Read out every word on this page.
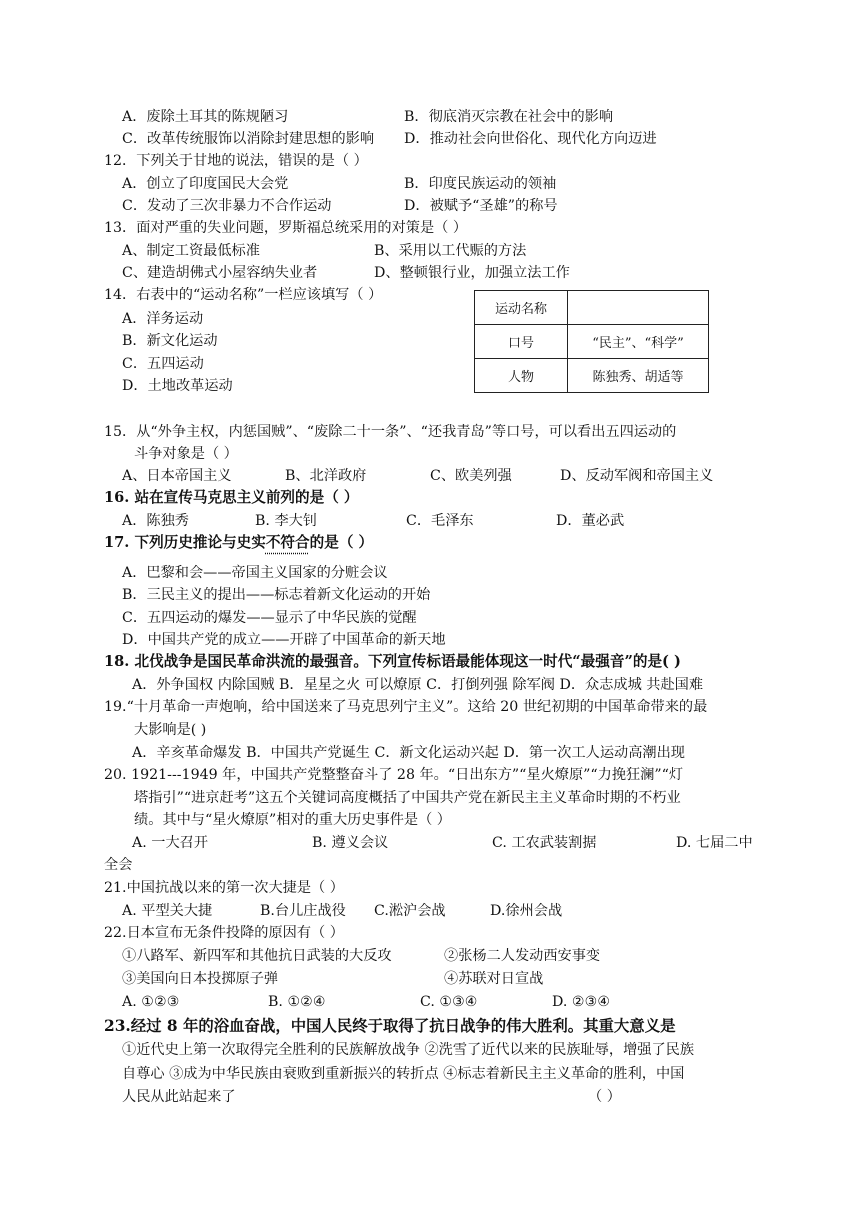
A．废除土耳其的陈规陋习	B．彻底消灭宗教在社会中的影响
C．改革传统服饰以消除封建思想的影响 D．推动社会向世俗化、现代化方向迈进
12．下列关于甘地的说法，错误的是（ ）
A．创立了印度国民大会党	B．印度民族运动的领袖
C．发动了三次非暴力不合作运动	D．被赋予“圣雄”的称号
13．面对严重的失业问题，罗斯福总统采用的对策是（ ）
A、制定工资最低标准	B、采用以工代赈的方法
C、建造胡佛式小屋容纳失业者	D、整顿银行业，加强立法工作
14．右表中的“运动名称”一栏应该填写（ ）
A．洋务运动
B．新文化运动
C．五四运动
D．土地改革运动
运动名称	
口号	“民主”、“科学”
人物	陈独秀、胡适等
15．从“外争主权，内惩国贼”、“废除二十一条”、“还我青岛”等口号，可以看出五四运动的
斗争对象是（ ）
A、日本帝国主义	B、北洋政府	C、欧美列强	D、反动军阀和帝国主义
16. 站在宣传马克思主义前列的是（ ）
A．陈独秀	B. 李大钊	C．毛泽东	D．董必武
17. 下列历史推论与史实不符合的是（ ）
A．巴黎和会——帝国主义国家的分赃会议
B．三民主义的提出——标志着新文化运动的开始
C．五四运动的爆发——显示了中华民族的觉醒
D．中国共产党的成立——开辟了中国革命的新天地
18. 北伐战争是国民革命洪流的最强音。下列宣传标语最能体现这一时代“最强音”的是( )
A．外争国权 内除国贼 B．星星之火 可以燎原 C．打倒列强 除军阀 D．众志成城 共赴国难
19.“十月革命一声炮响，给中国送来了马克思列宁主义”。这给 20 世纪初期的中国革命带来的最
大影响是( )
A．辛亥革命爆发 B．中国共产党诞生 C．新文化运动兴起 D．第一次工人运动高潮出现
20. 1921---1949 年，中国共产党整整奋斗了 28 年。“日出东方”“星火燎原”“力挽狂澜”“灯
塔指引”“进京赶考”这五个关键词高度概括了中国共产党在新民主主义革命时期的不朽业
绩。其中与“星火燎原”相对的重大历史事件是（ ）
A. 一大召开	B. 遵义会议	C. 工农武装割据	D. 七届二中
全会
21.中国抗战以来的第一次大捷是（ ）
A. 平型关大捷	B.台儿庄战役 C.淞沪会战	D.徐州会战
22.日本宣布无条件投降的原因有（ ）
①八路军、新四军和其他抗日武装的大反攻	②张杨二人发动西安事变
③美国向日本投掷原子弹	④苏联对日宣战
A. ①②③	B. ①②④	C. ①③④	D. ②③④
23.经过 8 年的浴血奋战，中国人民终于取得了抗日战争的伟大胜利。其重大意义是
①近代史上第一次取得完全胜利的民族解放战争 ②洗雪了近代以来的民族耻辱，增强了民族
自尊心 ③成为中华民族由衰败到重新振兴的转折点 ④标志着新民主主义革命的胜利，中国
人民从此站起来了	（ ）
